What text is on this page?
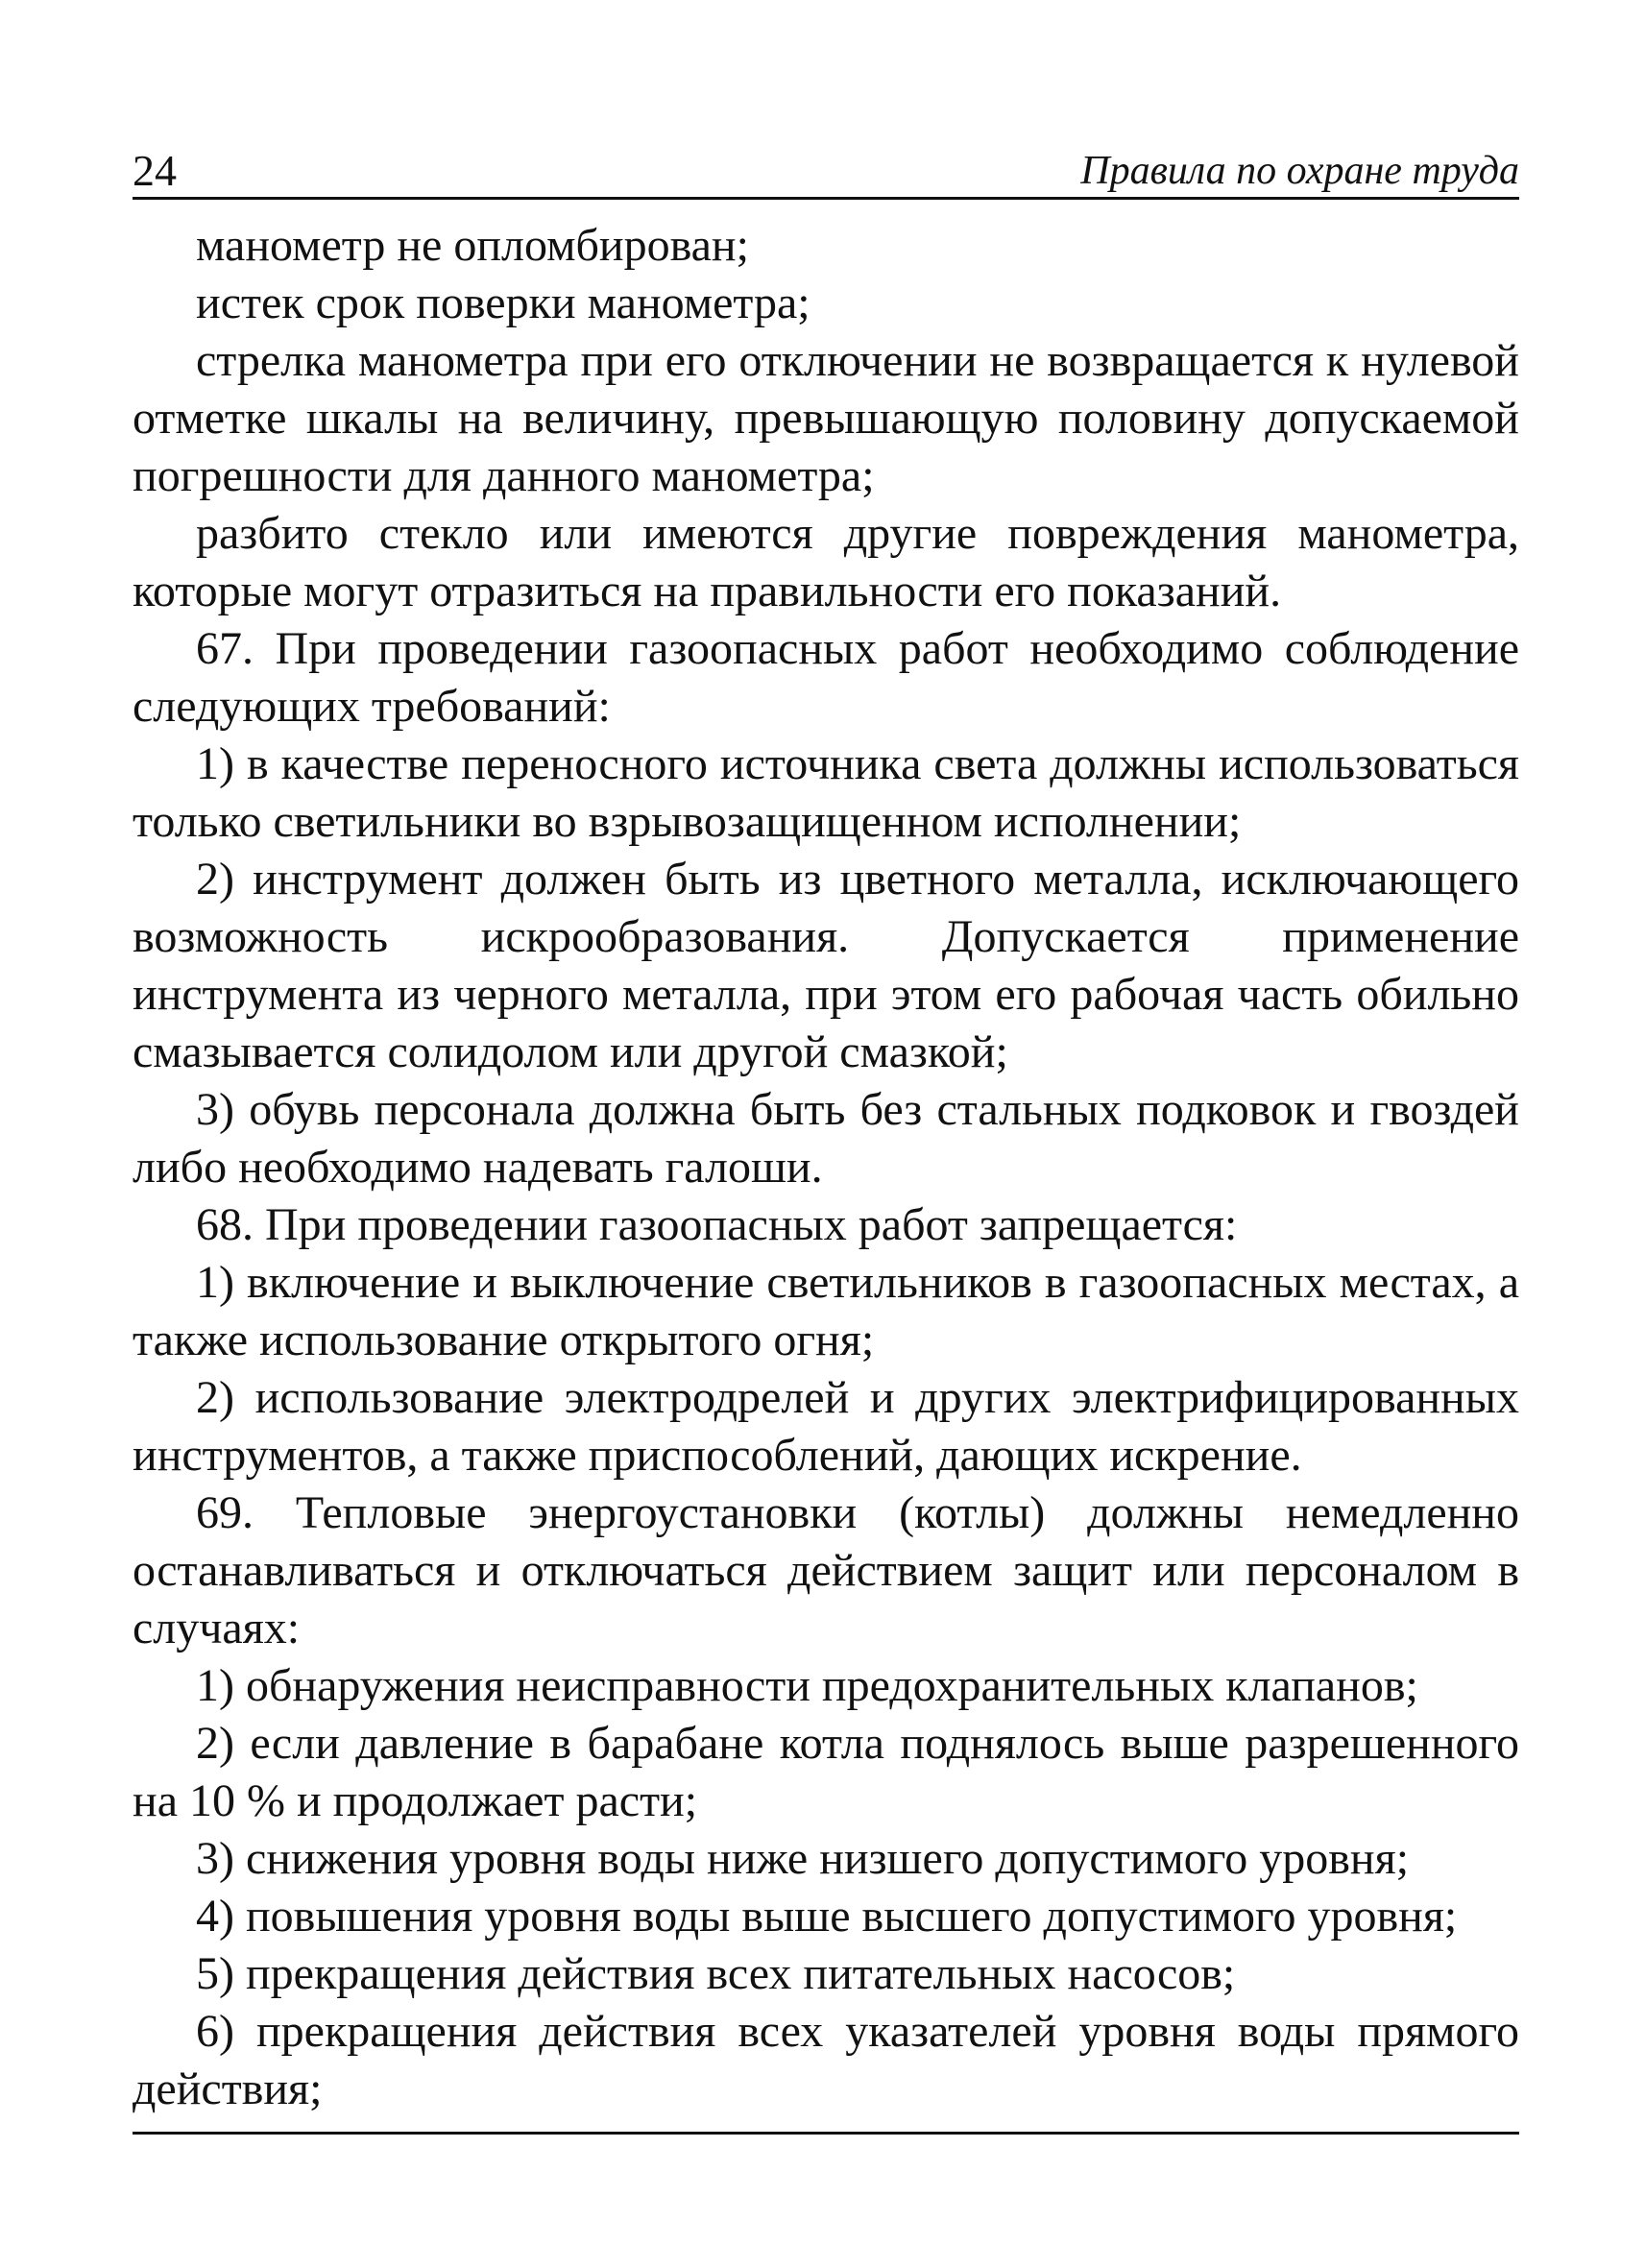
24	Правила по охране труда

манометр не опломбирован;

истек срок поверки манометра;

стрелка манометра при его отключении не возвращается к нулевой отметке шкалы на величину, превышающую половину допускаемой погрешности для данного манометра;

разбито стекло или имеются другие повреждения манометра, которые могут отразиться на правильности его показаний.

67. При проведении газоопасных работ необходимо соблюдение следующих требований:

1) в качестве переносного источника света должны использоваться только светильники во взрывозащищенном исполнении;

2) инструмент должен быть из цветного металла, исключающего возможность искрообразования. Допускается применение инструмента из черного металла, при этом его рабочая часть обильно смазывается солидолом или другой смазкой;

3) обувь персонала должна быть без стальных подковок и гвоздей либо необходимо надевать галоши.

68. При проведении газоопасных работ запрещается:

1) включение и выключение светильников в газоопасных местах, а также использование открытого огня;

2) использование электродрелей и других электрифицированных инструментов, а также приспособлений, дающих искрение.

69. Тепловые энергоустановки (котлы) должны немедленно останавливаться и отключаться действием защит или персоналом в случаях:

1) обнаружения неисправности предохранительных клапанов;

2) если давление в барабане котла поднялось выше разрешенного на 10 % и продолжает расти;

3) снижения уровня воды ниже низшего допустимого уровня;

4) повышения уровня воды выше высшего допустимого уровня;

5) прекращения действия всех питательных насосов;

6) прекращения действия всех указателей уровня воды прямого действия;
